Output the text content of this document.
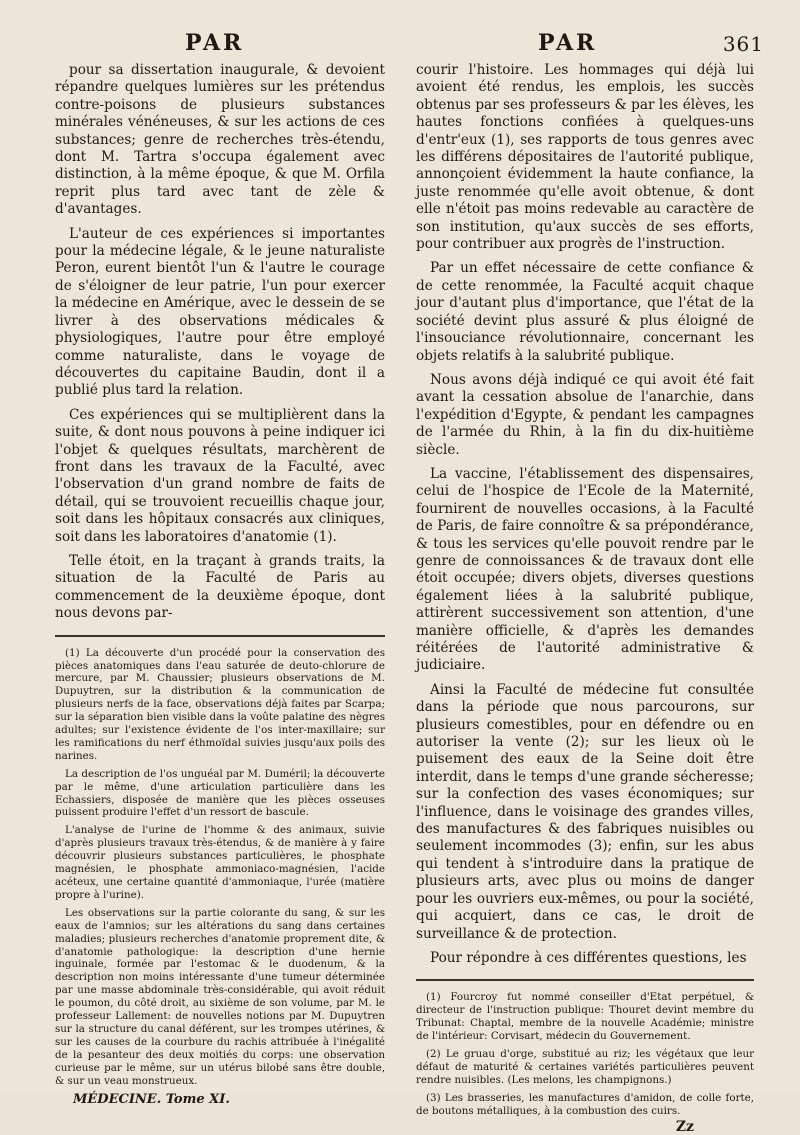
PAR	PAR	361

pour sa dissertation inaugurale, & devoient répandre quelques lumières sur les prétendus contre-poisons de plusieurs substances minérales vénéneuses, & sur les actions de ces substances; genre de recherches très-étendu, dont M. Tartra s'occupa également avec distinction, à la même époque, & que M. Orfila reprit plus tard avec tant de zèle & d'avantages.

L'auteur de ces expériences si importantes pour la médecine légale, & le jeune naturaliste Peron, eurent bientôt l'un & l'autre le courage de s'éloigner de leur patrie, l'un pour exercer la médecine en Amérique, avec le dessein de se livrer à des observations médicales & physiologiques, l'autre pour être employé comme naturaliste, dans le voyage de découvertes du capitaine Baudin, dont il a publié plus tard la relation.

Ces expériences qui se multiplièrent dans la suite, & dont nous pouvons à peine indiquer ici l'objet & quelques résultats, marchèrent de front dans les travaux de la Faculté, avec l'observation d'un grand nombre de faits de détail, qui se trouvoient recueillis chaque jour, soit dans les hôpitaux consacrés aux cliniques, soit dans les laboratoires d'anatomie (1).

Telle étoit, en la traçant à grands traits, la situation de la Faculté de Paris au commencement de la deuxième époque, dont nous devons par-

(1) La découverte d'un procédé pour la conservation des pièces anatomiques dans l'eau saturée de deuto-chlorure de mercure, par M. Chaussier; plusieurs observations de M. Dupuytren, sur la distribution & la communication de plusieurs nerfs de la face, observations déjà faites par Scarpa; sur la séparation bien visible dans la voûte palatine des nègres adultes; sur l'existence évidente de l'os inter-maxillaire; sur les ramifications du nerf éthmoïdal suivies jusqu'aux poils des narines.

La description de l'os unguéal par M. Duméril; la découverte par le même, d'une articulation particulière dans les Echassiers, disposée de manière que les pièces osseuses puissent produire l'effet d'un ressort de bascule.

L'analyse de l'urine de l'homme & des animaux, suivie d'après plusieurs travaux très-étendus, & de manière à y faire découvrir plusieurs substances particulières, le phosphate magnésien, le phosphate ammoniaco-magnésien, l'acide acéteux, une certaine quantité d'ammoniaque, l'urée (matière propre à l'urine).

Les observations sur la partie colorante du sang, & sur les eaux de l'amnios; sur les altérations du sang dans certaines maladies; plusieurs recherches d'anatomie proprement dite, & d'anatomie pathologique: la description d'une hernie inguinale, formée par l'estomac & le duodenum, & la description non moins intéressante d'une tumeur déterminée par une masse abdominale très-considérable, qui avoit réduit le poumon, du côté droit, au sixième de son volume, par M. le professeur Lallement: de nouvelles notions par M. Dupuytren sur la structure du canal déférent, sur les trompes utérines, & sur les causes de la courbure du rachis attribuée à l'inégalité de la pesanteur des deux moitiés du corps: une observation curieuse par le même, sur un utérus bilobé sans être double, & sur un veau monstrueux.

MÉDECINE. Tome XI.

courir l'histoire. Les hommages qui déjà lui avoient été rendus, les emplois, les succès obtenus par ses professeurs & par les élèves, les hautes fonctions confiées à quelques-uns d'entr'eux (1), ses rapports de tous genres avec les différens dépositaires de l'autorité publique, annonçoient évidemment la haute confiance, la juste renommée qu'elle avoit obtenue, & dont elle n'étoit pas moins redevable au caractère de son institution, qu'aux succès de ses efforts, pour contribuer aux progrès de l'instruction.

Par un effet nécessaire de cette confiance & de cette renommée, la Faculté acquit chaque jour d'autant plus d'importance, que l'état de la société devint plus assuré & plus éloigné de l'insouciance révolutionnaire, concernant les objets relatifs à la salubrité publique.

Nous avons déjà indiqué ce qui avoit été fait avant la cessation absolue de l'anarchie, dans l'expédition d'Egypte, & pendant les campagnes de l'armée du Rhin, à la fin du dix-huitième siècle.

La vaccine, l'établissement des dispensaires, celui de l'hospice de l'Ecole de la Maternité, fournirent de nouvelles occasions, à la Faculté de Paris, de faire connoître & sa prépondérance, & tous les services qu'elle pouvoit rendre par le genre de connoissances & de travaux dont elle étoit occupée; divers objets, diverses questions également liées à la salubrité publique, attirèrent successivement son attention, d'une manière officielle, & d'après les demandes réitérées de l'autorité administrative & judiciaire.

Ainsi la Faculté de médecine fut consultée dans la période que nous parcourons, sur plusieurs comestibles, pour en défendre ou en autoriser la vente (2); sur les lieux où le puisement des eaux de la Seine doit être interdit, dans le temps d'une grande sécheresse; sur la confection des vases économiques; sur l'influence, dans le voisinage des grandes villes, des manufactures & des fabriques nuisibles ou seulement incommodes (3); enfin, sur les abus qui tendent à s'introduire dans la pratique de plusieurs arts, avec plus ou moins de danger pour les ouvriers eux-mêmes, ou pour la société, qui acquiert, dans ce cas, le droit de surveillance & de protection.

Pour répondre à ces différentes questions, les

(1) Fourcroy fut nommé conseiller d'Etat perpétuel, & directeur de l'instruction publique: Thouret devint membre du Tribunat: Chaptal, membre de la nouvelle Académie; ministre de l'intérieur: Corvisart, médecin du Gouvernement.

(2) Le gruau d'orge, substitué au riz; les végétaux que leur défaut de maturité & certaines variétés particulières peuvent rendre nuisibles. (Les melons, les champignons.)

(3) Les brasseries, les manufactures d'amidon, de colle forte, de boutons métalliques, à la combustion des cuirs.

Zz
